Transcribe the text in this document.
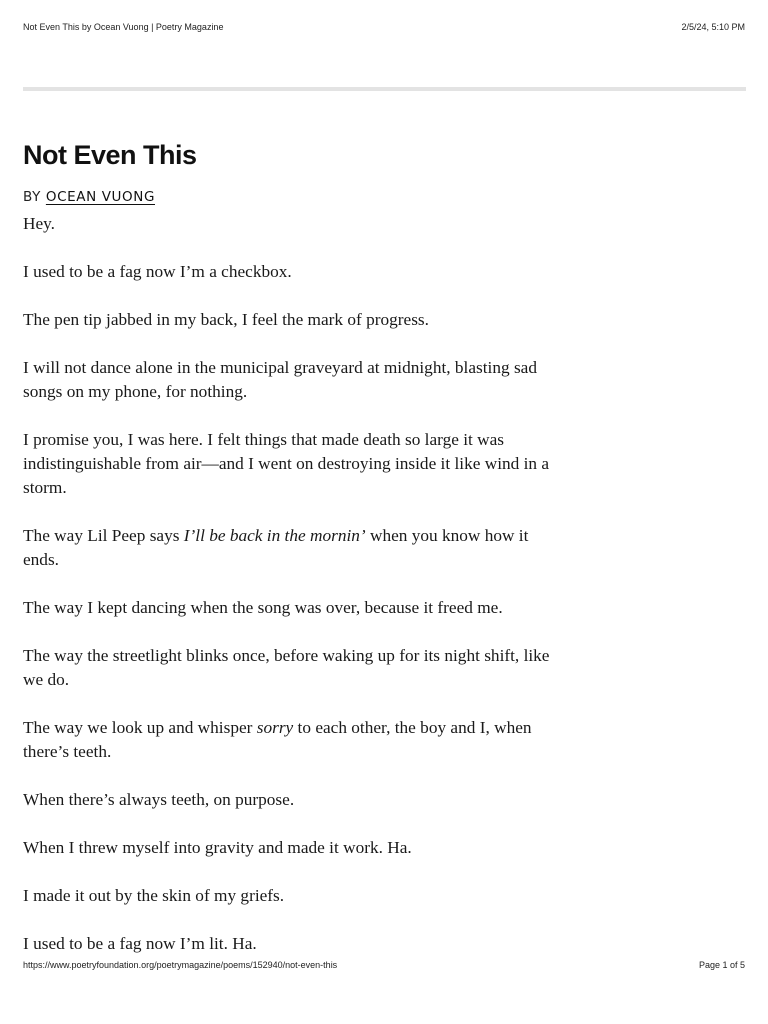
Not Even This by Ocean Vuong | Poetry Magazine	2/5/24, 5:10 PM
Not Even This
BY OCEAN VUONG

Hey.

I used to be a fag now I’m a checkbox.

The pen tip jabbed in my back, I feel the mark of progress.

I will not dance alone in the municipal graveyard at midnight, blasting sad songs on my phone, for nothing.

I promise you, I was here. I felt things that made death so large it was indistinguishable from air—and I went on destroying inside it like wind in a storm.

The way Lil Peep says I’ll be back in the mornin’ when you know how it ends.

The way I kept dancing when the song was over, because it freed me.

The way the streetlight blinks once, before waking up for its night shift, like we do.

The way we look up and whisper sorry to each other, the boy and I, when there’s teeth.

When there’s always teeth, on purpose.

When I threw myself into gravity and made it work. Ha.

I made it out by the skin of my griefs.

I used to be a fag now I’m lit. Ha.

https://www.poetryfoundation.org/poetrymagazine/poems/152940/not-even-this	Page 1 of 5
